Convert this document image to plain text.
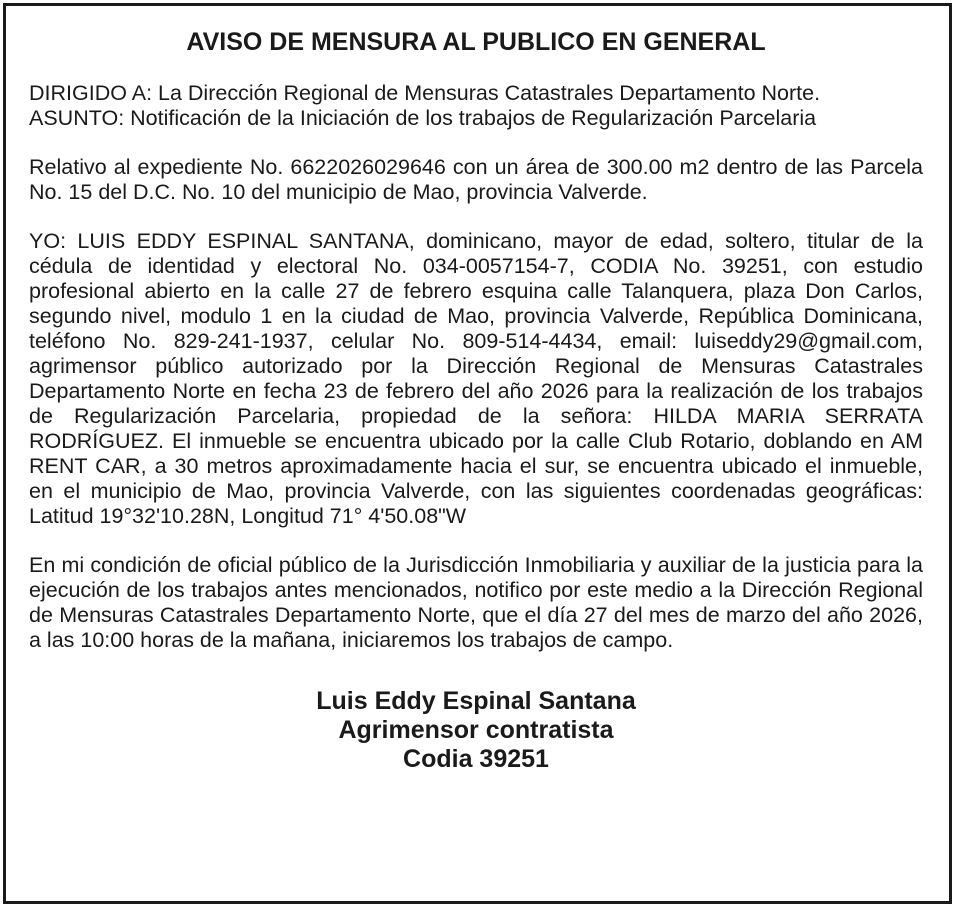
AVISO DE MENSURA AL PUBLICO EN GENERAL

DIRIGIDO A: La Dirección Regional de Mensuras Catastrales Departamento Norte.

ASUNTO: Notificación de la Iniciación de los trabajos de Regularización Parcelaria

Relativo al expediente No. 6622026029646 con un área de 300.00 m2 dentro de las Parcela No. 15 del D.C. No. 10 del municipio de Mao, provincia Valverde.

YO: LUIS EDDY ESPINAL SANTANA, dominicano, mayor de edad, soltero, titular de la cédula de identidad y electoral No. 034-0057154-7, CODIA No. 39251, con estudio profesional abierto en la calle 27 de febrero esquina calle Talanquera, plaza Don Carlos, segundo nivel, modulo 1 en la ciudad de Mao, provincia Valverde, República Dominicana, teléfono No. 829-241-1937, celular No. 809-514-4434, email: luiseddy29@gmail.com, agrimensor público autorizado por la Dirección Regional de Mensuras Catastrales Departamento Norte en fecha 23 de febrero del año 2026 para la realización de los trabajos de Regularización Parcelaria, propiedad de la señora: HILDA MARIA SERRATA RODRÍGUEZ. El inmueble se encuentra ubicado por la calle Club Rotario, doblando en AM RENT CAR, a 30 metros aproximadamente hacia el sur, se encuentra ubicado el inmueble, en el municipio de Mao, provincia Valverde, con las siguientes coordenadas geográficas: Latitud 19°32'10.28N, Longitud 71° 4'50.08"W

En mi condición de oficial público de la Jurisdicción Inmobiliaria y auxiliar de la justicia para la ejecución de los trabajos antes mencionados, notifico por este medio a la Dirección Regional de Mensuras Catastrales Departamento Norte, que el día 27 del mes de marzo del año 2026, a las 10:00 horas de la mañana, iniciaremos los trabajos de campo.

Luis Eddy Espinal Santana
Agrimensor contratista
Codia 39251
